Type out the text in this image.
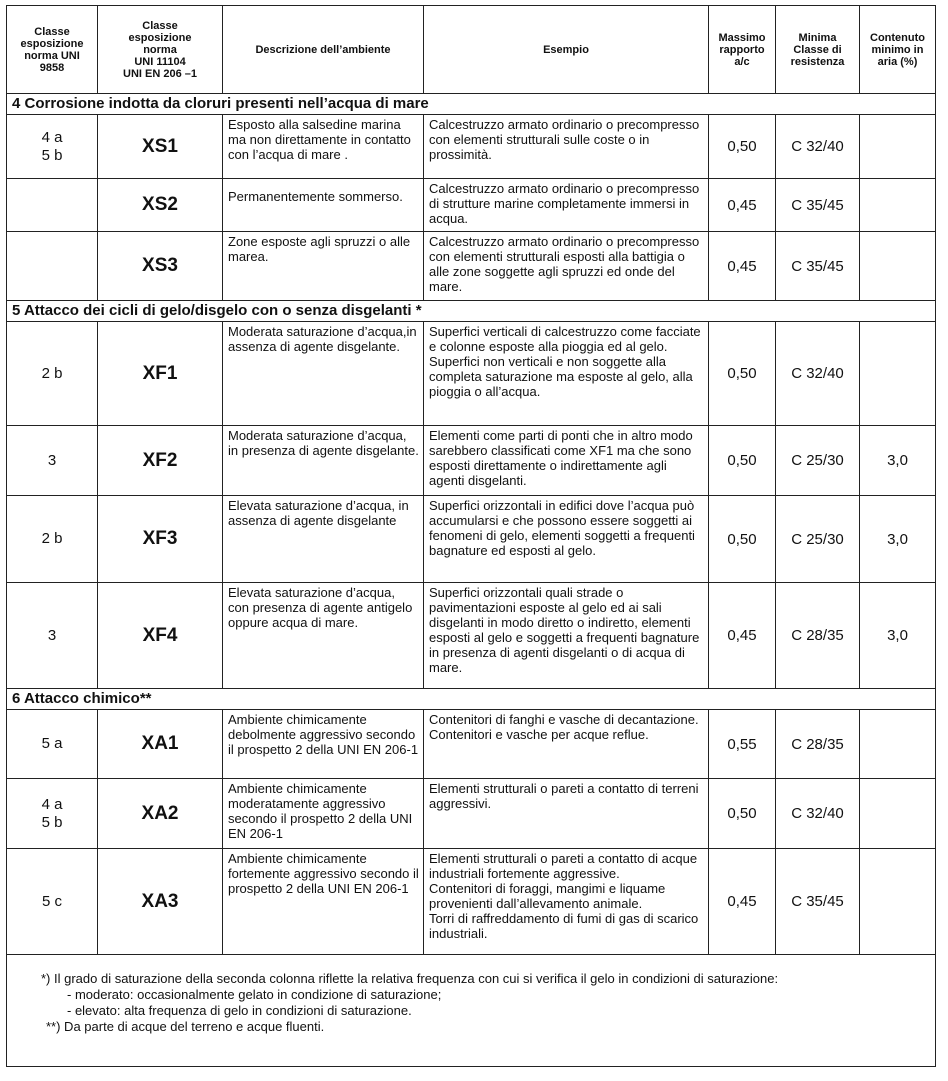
Classe
esposizione
norma UNI
9858	Classe
esposizione
norma
UNI 11104
UNI EN 206 –1	Descrizione dell’ambiente	Esempio	Massimo
rapporto
a/c	Minima
Classe di
resistenza	Contenuto
minimo in
aria (%)

4 Corrosione indotta da cloruri presenti nell’acqua di mare						
4 a
5 b	XS1	Esposto alla salsedine marina ma non direttamente in contatto con l’acqua di mare .	Calcestruzzo armato ordinario o precompresso con elementi strutturali sulle coste o in prossimità.	0,50	C 32/40	
	XS2	Permanentemente sommerso.	Calcestruzzo armato ordinario o precompresso di strutture marine completamente immersi in acqua.	0,45	C 35/45	
	XS3	Zone esposte agli spruzzi o alle marea.	Calcestruzzo armato ordinario o precompresso con elementi strutturali esposti alla battigia o alle zone soggette agli spruzzi ed onde del mare.	0,45	C 35/45	
5 Attacco dei cicli di gelo/disgelo con o senza disgelanti *						
2 b	XF1	Moderata saturazione d’acqua,in assenza di agente disgelante.	Superfici verticali di calcestruzzo come facciate e colonne esposte alla pioggia ed al gelo.
Superfici non verticali e non soggette alla completa saturazione ma esposte al gelo, alla pioggia o all’acqua.	0,50	C 32/40	
3	XF2	Moderata saturazione d’acqua, in presenza di agente disgelante.	Elementi come parti di ponti che in altro modo sarebbero classificati come XF1 ma che sono esposti direttamente o indirettamente agli agenti disgelanti.	0,50	C 25/30	3,0
2 b	XF3	Elevata saturazione d’acqua, in assenza di agente disgelante	Superfici orizzontali in edifici dove l’acqua può accumularsi e che possono essere soggetti ai fenomeni di gelo, elementi soggetti a frequenti bagnature ed esposti al gelo.	0,50	C 25/30	3,0
3	XF4	Elevata saturazione d’acqua, con presenza di agente antigelo oppure acqua di mare.	Superfici orizzontali quali strade o pavimentazioni esposte al gelo ed ai sali disgelanti in modo diretto o indiretto, elementi esposti al gelo e soggetti a frequenti bagnature in presenza di agenti disgelanti o di acqua di mare.	0,45	C 28/35	3,0
6 Attacco chimico**						
5 a	XA1	Ambiente chimicamente debolmente aggressivo secondo il prospetto 2 della UNI EN 206-1	Contenitori di fanghi e vasche di decantazione.
Contenitori e vasche per acque reflue.	0,55	C 28/35	
4 a
5 b	XA2	Ambiente chimicamente moderatamente aggressivo secondo il prospetto 2 della UNI EN 206-1	Elementi strutturali o pareti a contatto di terreni aggressivi.	0,50	C 32/40	
5 c	XA3	Ambiente chimicamente fortemente aggressivo secondo il prospetto 2 della UNI EN 206-1	Elementi strutturali o pareti a contatto di acque industriali fortemente aggressive.
Contenitori di foraggi, mangimi e liquame provenienti dall’allevamento animale.
Torri di raffreddamento di fumi di gas di scarico industriali.	0,45	C 35/45	

*) Il grado di saturazione della seconda colonna riflette la relativa frequenza con cui si verifica il gelo in condizioni di saturazione:
- moderato: occasionalmente gelato in condizione di saturazione;
- elevato: alta frequenza di gelo in condizioni di saturazione.
**) Da parte di acque del terreno e acque fluenti.						
